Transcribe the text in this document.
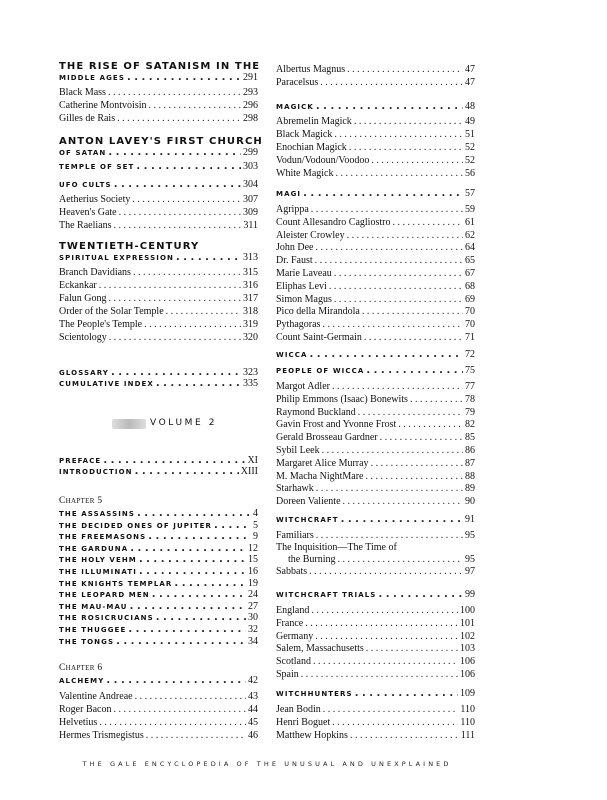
THE RISE OF SATANISM IN THE
MIDDLE AGES . . .	291
Black Mass . . .	293
Catherine Montvoisin . . .	296
Gilles de Rais . . .	298
ANTON LAVEY'S FIRST CHURCH
OF SATAN . . .	299
TEMPLE OF SET . . .	303
UFO CULTS . . .	304
Aetherius Society . . .	307
Heaven's Gate . . .	309
The Raelians . . .	311
TWENTIETH-CENTURY
SPIRITUAL EXPRESSION . . .	313
Branch Davidians . . .	315
Eckankar . . .	316
Falun Gong . . .	317
Order of the Solar Temple . . .	318
The People's Temple . . .	319
Scientology . . .	320
GLOSSARY . . .	323
CUMULATIVE INDEX . . .	335
PREFACE . . .	XI
INTRODUCTION . . .	XIII
Chapter 5
THE ASSASSINS . . .	4
THE DECIDED ONES OF JUPITER . . .	5
THE FREEMASONS . . .	9
THE GARDUNA . . .	12
THE HOLY VEHM . . .	15
THE ILLUMINATI . . .	16
THE KNIGHTS TEMPLAR . . .	19
THE LEOPARD MEN . . .	24
THE MAU-MAU . . .	27
THE ROSICRUCIANS . . .	30
THE THUGGEE . . .	32
THE TONGS . . .	34
Chapter 6
ALCHEMY . . .	42
Valentine Andreae . . .	43
Roger Bacon . . .	44
Helvetius . . .	45
Hermes Trismegistus . . .	46
VOLUME 2
Albertus Magnus . . .	47
Paracelsus . . .	47
MAGICK . . .	48
Abremelin Magick . . .	49
Black Magick . . .	51
Enochian Magick . . .	52
Vodun/Vodoun/Voodoo . . .	52
White Magick . . .	56
MAGI . . .	57
Agrippa . . .	59
Count Allesandro Cagliostro . . .	61
Aleister Crowley . . .	62
John Dee . . .	64
Dr. Faust . . .	65
Marie Laveau . . .	67
Eliphas Levi . . .	68
Simon Magus . . .	69
Pico della Mirandola . . .	70
Pythagoras . . .	70
Count Saint-Germain . . .	71
WICCA . . .	72
PEOPLE OF WICCA . . .	75
Margot Adler . . .	77
Philip Emmons (Isaac) Bonewits . . .	78
Raymond Buckland . . .	79
Gavin Frost and Yvonne Frost . . .	82
Gerald Brosseau Gardner . . .	85
Sybil Leek . . .	86
Margaret Alice Murray . . .	87
M. Macha NightMare . . .	88
Starhawk . . .	89
Doreen Valiente . . .	90
WITCHCRAFT . . .	91
Familiars . . .	95
The Inquisition—The Time of
the Burning . . .	95
Sabbats . . .	97
WITCHCRAFT TRIALS . . .	99
England . . .	100
France . . .	101
Germany . . .	102
Salem, Massachusetts . . .	103
Scotland . . .	106
Spain . . .	106
WITCHHUNTERS . . .	109
Jean Bodin . . .	110
Henri Boguet . . .	110
Matthew Hopkins . . .	111
THE GALE ENCYCLOPEDIA OF THE UNUSUAL AND UNEXPLAINED
